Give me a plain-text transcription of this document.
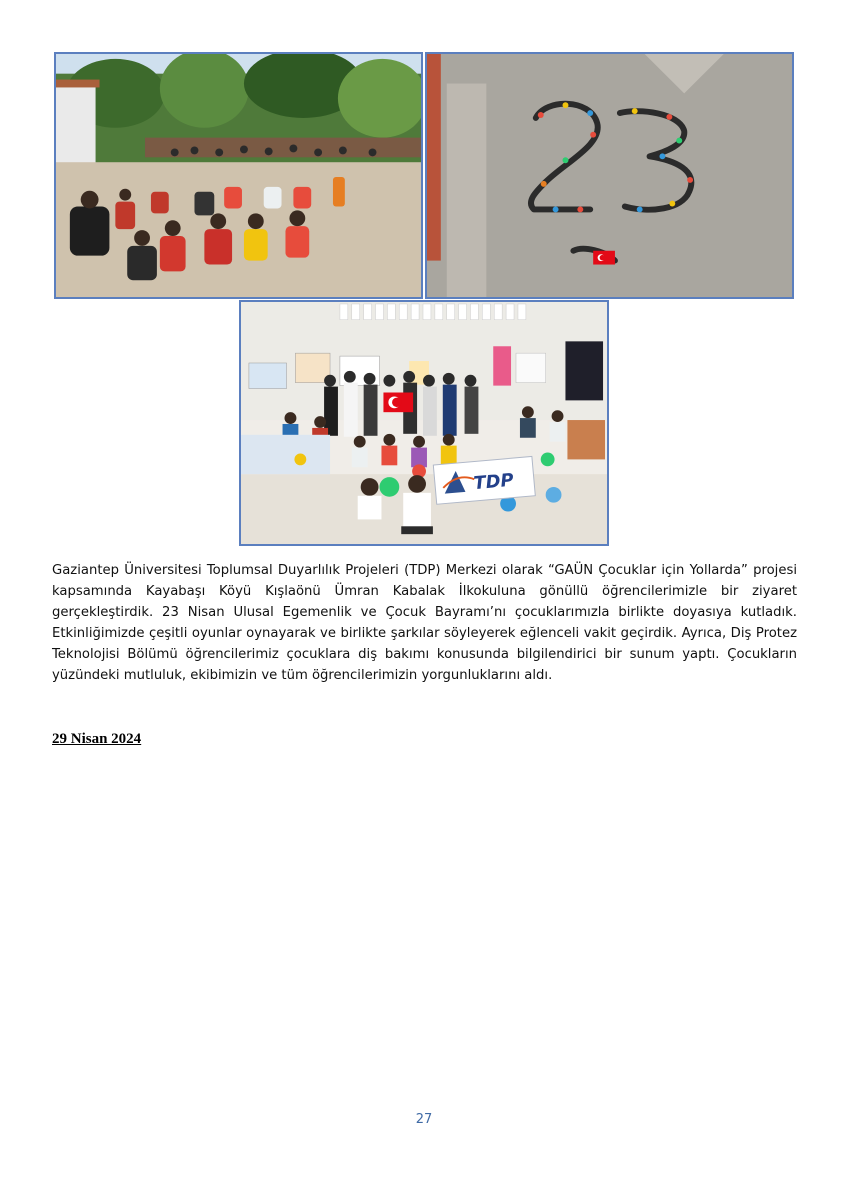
TDP

Gaziantep Üniversitesi Toplumsal Duyarlılık Projeleri (TDP) Merkezi olarak “GAÜN Çocuklar için Yollarda” projesi kapsamında Kayabaşı Köyü Kışlaönü Ümran Kabalak İlkokuluna gönüllü öğrencilerimizle bir ziyaret gerçekleştirdik. 23 Nisan Ulusal Egemenlik ve Çocuk Bayramı’nı çocuklarımızla birlikte doyasıya kutladık. Etkinliğimizde çeşitli oyunlar oynayarak ve birlikte şarkılar söyleyerek eğlenceli vakit geçirdik. Ayrıca, Diş Protez Teknolojisi Bölümü öğrencilerimiz çocuklara diş bakımı konusunda bilgilendirici bir sunum yaptı. Çocukların yüzündeki mutluluk, ekibimizin ve tüm öğrencilerimizin yorgunluklarını aldı.

29 Nisan 2024

27
